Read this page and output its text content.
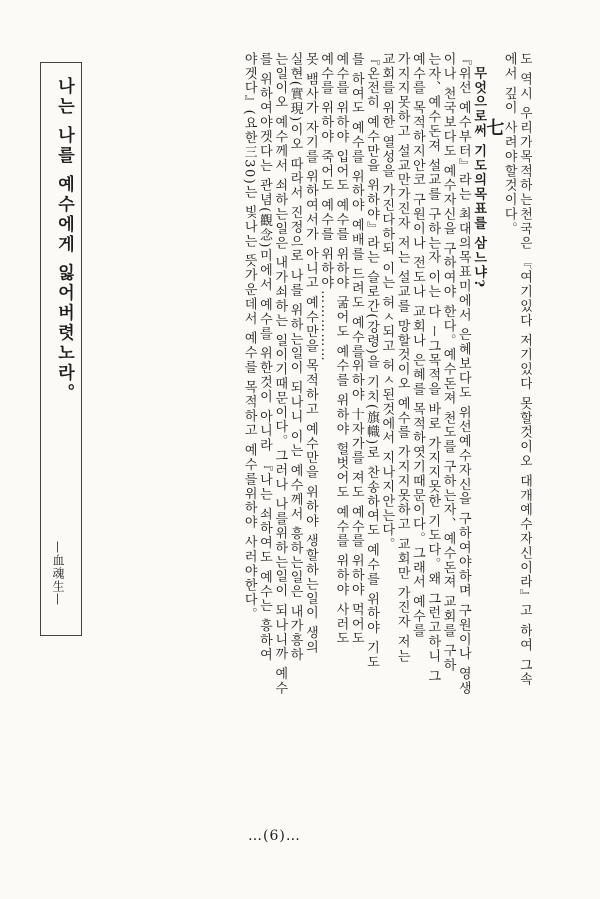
도 역시 우리가목적하는천국은 『여기있다 저기있다 못할것이오 대개예수자신이라』고 하여 그속
에서 깊이 사려야할것이다。
七
무엇으로써 기도의목표를 삼느냐?
『위선 예수부터』라는 최대의목표미에서 은혜보다도 위선예수자신을 구하여야하며 구원이나 영생
이나 천국보다도 예수자신을 구하여야 한다。예수돈져 천도를 구하는자、예수돈져 교회를 구하
는자、예수돈져 설교를 구하는자 이는 다 ー그목적을 바로 가지지못한 기도다。왜 그런고하니 그
예수를 목적하지안코 구원이나 전도나 교회나 은혜를 목적하엿기때문이다。그래서 예수를
가지지못하고 설교만가진자 저는 설교를 망할것이오 예수를 가지지못하고 교회만 가진자 저는
교회를 위한 열성을 가진다하되 이는 허ㅅ되고 허ㅅ된것에서 지나지안는다。
『온전히 예수만을 위하야』라는 슬로간(강령)을 기치(旗幟)로 찬송하여도 예수를 위하야 기도
를 하여도 예수를 위하야 예배를 드려도 예수를위하야 十자가를 져도 예수를 위하야 먹어도
예수를 위하야 입어도 예수를 위하야 굶어도 예수를 위하야 헐벗어도 예수를 위하야 사러도
예수를 위하야 죽어도 예수를 위하야……………
못 뱀사가 자기를 위하여서가 아니고 예수만을 목적하고 예수만을 위하야 생할하는일이 생의
실현(實現)이오 따라서 진정으로 나를 위하는일이 되나니 이는 예수께서 흥하는일은 내가흥하
는일이오 예수께서 쇠하는일은 내가쇠하는 일이기때문이다。그러나 나를위하는일이 되나니까 예수
를 위하여야겟다는 관념(觀念)미에서 예수를 위한것이 아니라 『나는 쇠하여도 예수는 흥하여
야겟다』(요한三30)는 빛나는 뜻가운데서 예수를 목적하고 예수를위하야 사러야한다。
나는 나를 예수에게 잃어버렷노라。
—血魂生—
…(6)…
